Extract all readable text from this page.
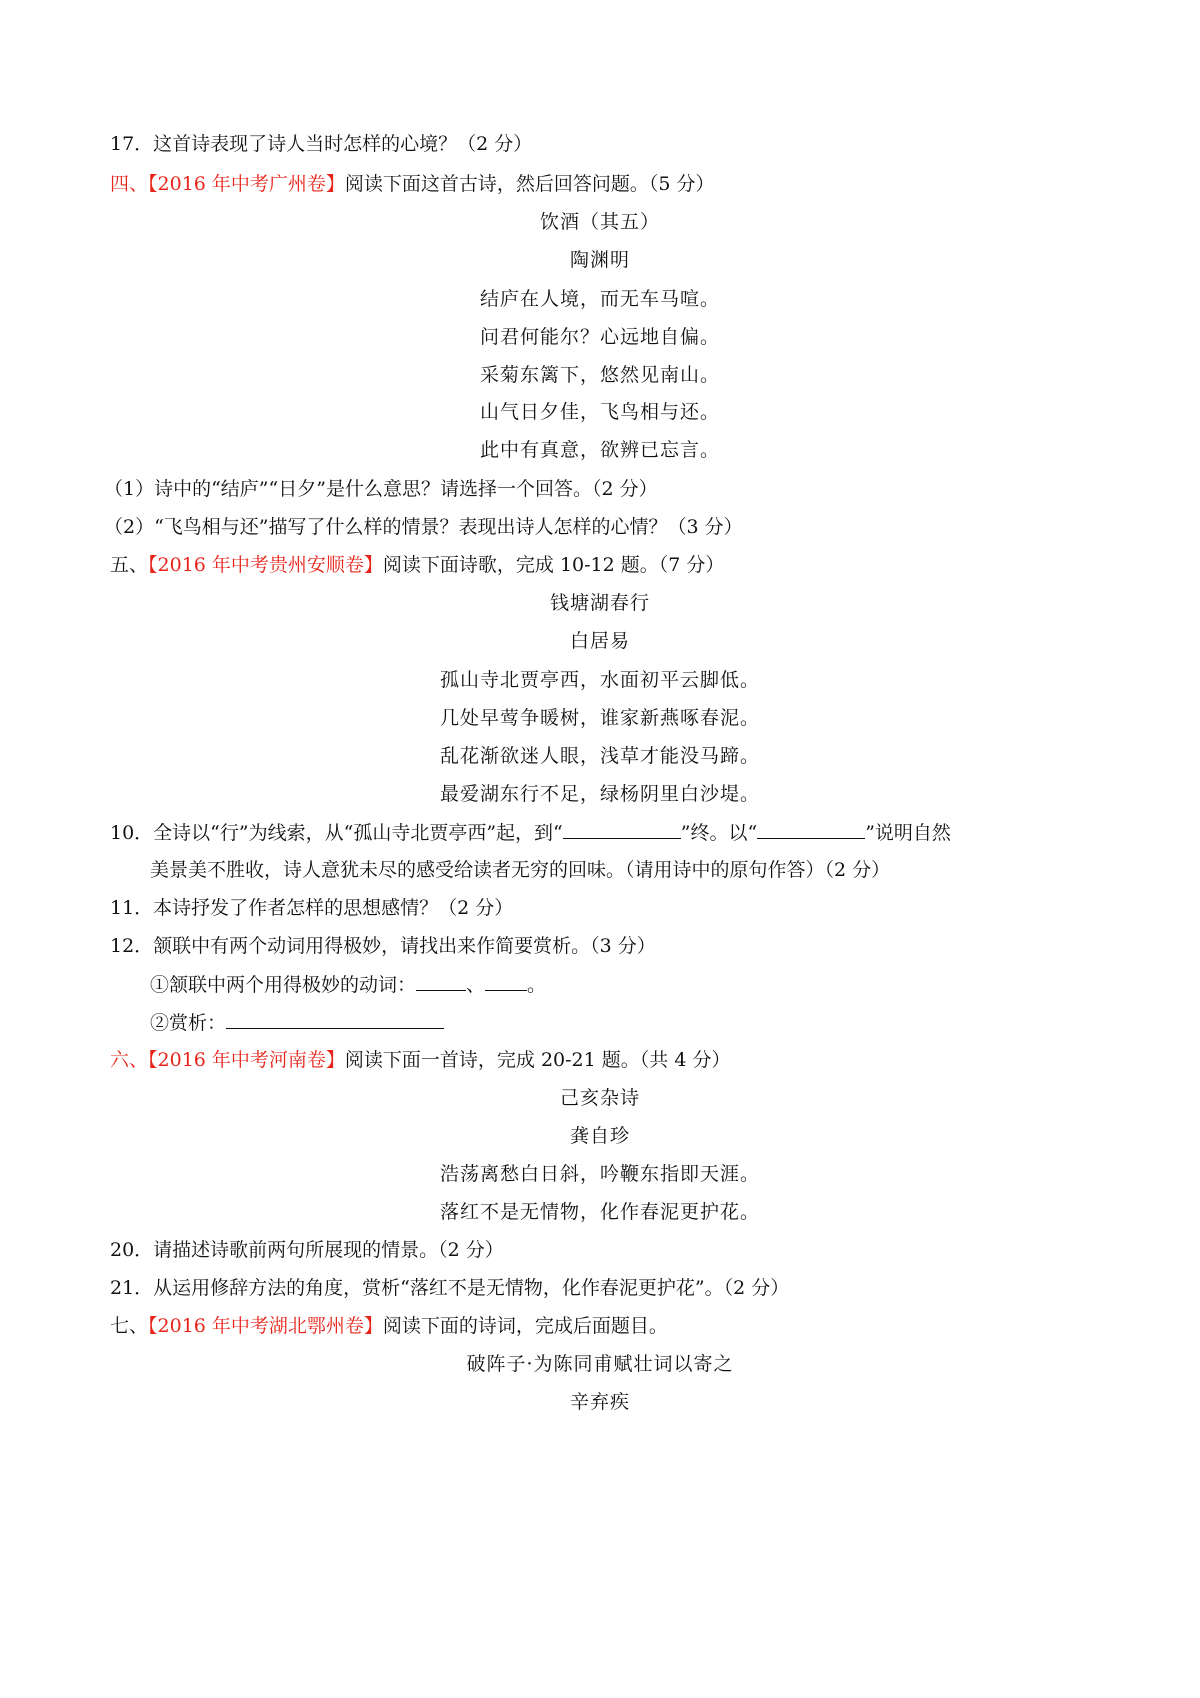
17．这首诗表现了诗人当时怎样的心境？（2 分）
四、【2016 年中考广州卷】阅读下面这首古诗，然后回答问题。（5 分）
饮酒（其五）
陶渊明
结庐在人境，而无车马喧。
问君何能尔？心远地自偏。
采菊东篱下，悠然见南山。
山气日夕佳，飞鸟相与还。
此中有真意，欲辨已忘言。
（1）诗中的“结庐”“日夕”是什么意思？请选择一个回答。（2 分）
（2）“飞鸟相与还”描写了什么样的情景？表现出诗人怎样的心情？（3 分）
五、【2016 年中考贵州安顺卷】阅读下面诗歌，完成 10-12 题。（7 分）
钱塘湖春行
白居易
孤山寺北贾亭西，水面初平云脚低。
几处早莺争暖树，谁家新燕啄春泥。
乱花渐欲迷人眼，浅草才能没马蹄。
最爱湖东行不足，绿杨阴里白沙堤。
10．全诗以“行”为线索，从“孤山寺北贾亭西”起，到“	”终。以“	”说明自然
美景美不胜收，诗人意犹未尽的感受给读者无穷的回味。（请用诗中的原句作答）（2 分）
11．本诗抒发了作者怎样的思想感情？（2 分）
12．颔联中有两个动词用得极妙，请找出来作简要赏析。（3 分）
①颔联中两个用得极妙的动词：	、 。
②赏析：
六、【2016 年中考河南卷】阅读下面一首诗，完成 20-21 题。（共 4 分）
己亥杂诗
龚自珍
浩荡离愁白日斜，吟鞭东指即天涯。
落红不是无情物，化作春泥更护花。
20．请描述诗歌前两句所展现的情景。（2 分）
21．从运用修辞方法的角度，赏析“落红不是无情物，化作春泥更护花”。（2 分）
七、【2016 年中考湖北鄂州卷】阅读下面的诗词，完成后面题目。
破阵子·为陈同甫赋壮词以寄之
辛弃疾
